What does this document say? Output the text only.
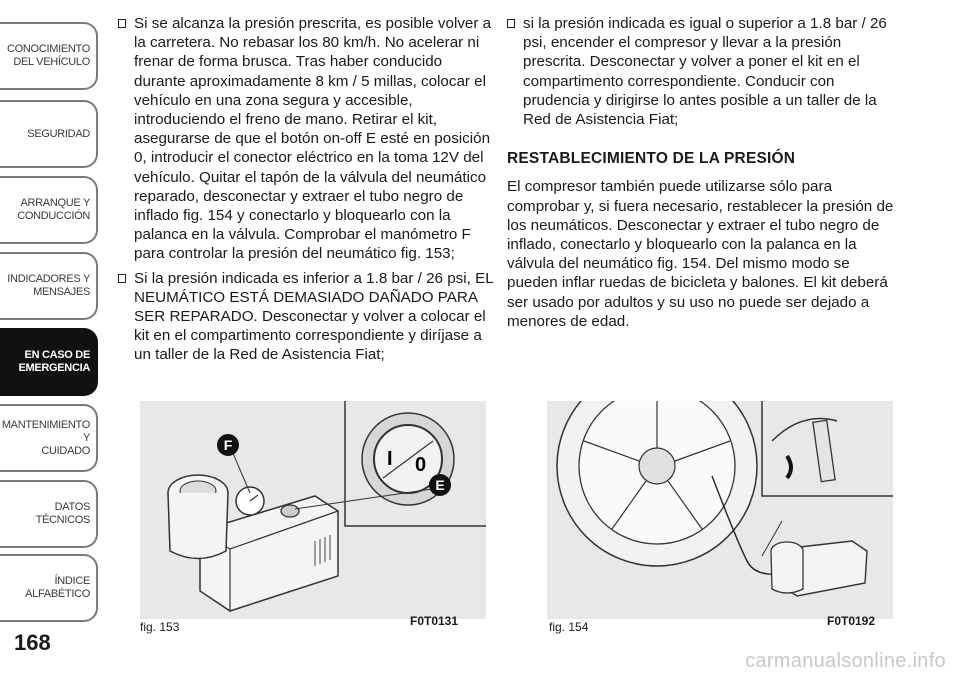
CONOCIMIENTO
DEL VEHÍCULO
SEGURIDAD
ARRANQUE Y
CONDUCCIÓN
INDICADORES Y
MENSAJES
EN CASO DE
EMERGENCIA
MANTENIMIENTO Y
CUIDADO
DATOS TÉCNICOS
ÍNDICE ALFABÉTICO
168
Si se alcanza la presión prescrita, es posible volver a la carretera. No rebasar los 80 km/h. No acelerar ni frenar de forma brusca. Tras haber conducido durante aproximadamente 8 km / 5 millas, colocar el vehículo en una zona segura y accesible, introduciendo el freno de mano. Retirar el kit, asegurarse de que el botón on-off E esté en posición 0, introducir el conector eléctrico en la toma 12V del vehículo. Quitar el tapón de la válvula del neumático reparado, desconectar y extraer el tubo negro de inflado fig. 154 y conectarlo y bloquearlo con la palanca en la válvula. Comprobar el manómetro F para controlar la presión del neumático fig. 153;
Si la presión indicada es inferior a 1.8 bar / 26 psi, EL NEUMÁTICO ESTÁ DEMASIADO DAÑADO PARA SER REPARADO. Desconectar y volver a colocar el kit en el compartimento correspondiente y diríjase a un taller de la Red de Asistencia Fiat;
si la presión indicada es igual o superior a 1.8 bar / 26 psi, encender el compresor y llevar a la presión prescrita. Desconectar y volver a poner el kit en el compartimento correspondiente. Conducir con prudencia y dirigirse lo antes posible a un taller de la Red de Asistencia Fiat;
RESTABLECIMIENTO DE LA PRESIÓN

El compresor también puede utilizarse sólo para comprobar y, si fuera necesario, restablecer la presión de los neumáticos. Desconectar y extraer el tubo negro de inflado, conectarlo y bloquearlo con la palanca en la válvula del neumático fig. 154. Del mismo modo se pueden inflar ruedas de bicicleta y balones. El kit deberá ser usado por adultos y su uso no puede ser dejado a menores de edad.

I 0
F
E
fig. 153	F0T0131	fig. 154	F0T0192
carmanualsonline.info
